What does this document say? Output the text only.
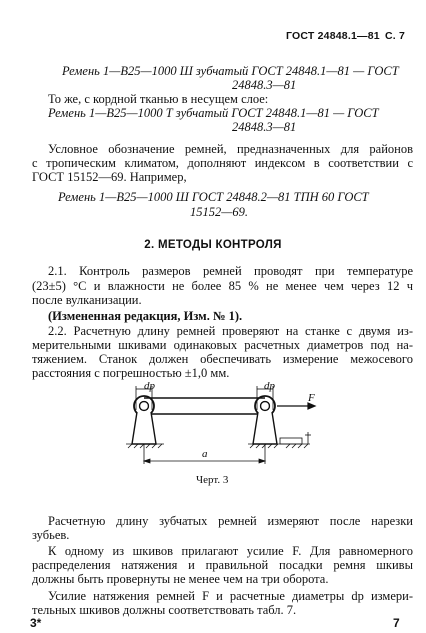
ГОСТ 24848.1—81 С. 7
Ремень 1—В25—1000 Ш зубчатый ГОСТ 24848.1—81 — ГОСТ
24848.3—81
То же, с кордной тканью в несущем слое:
Ремень 1—В25—1000 Т зубчатый ГОСТ 24848.1—81 — ГОСТ
24848.3—81
Условное обозначение ремней, предназначенных для районов
с тропическим климатом, дополняют индексом в соответствии с
ГОСТ 15152—69. Например,
Ремень 1—В25—1000 Ш ГОСТ 24848.2—81 ТПН 60 ГОСТ
15152—69.
2. МЕТОДЫ КОНТРОЛЯ
2.1. Контроль размеров ремней проводят при температуре
(23±5) °C и влажности не более 85 % не менее чем через 12 ч
после вулканизации.
(Измененная редакция, Изм. № 1).
2.2. Расчетную длину ремней проверяют на станке с двумя из-
мерительными шкивами одинаковых расчетных диаметров под на-
тяжением. Станок должен обеспечивать измерение межосевого
расстояния с погрешностью ±1,0 мм.
dp	dp
F
a
Черт. 3
Расчетную длину зубчатых ремней измеряют после нарезки
зубьев.
К одному из шкивов прилагают усилие F. Для равномерного
распределения натяжения и правильной посадки ремня шкивы
должны быть провернуты не менее чем на три оборота.
Усилие натяжения ремней F и расчетные диаметры dp измери-
тельных шкивов должны соответствовать табл. 7.
3*	7
